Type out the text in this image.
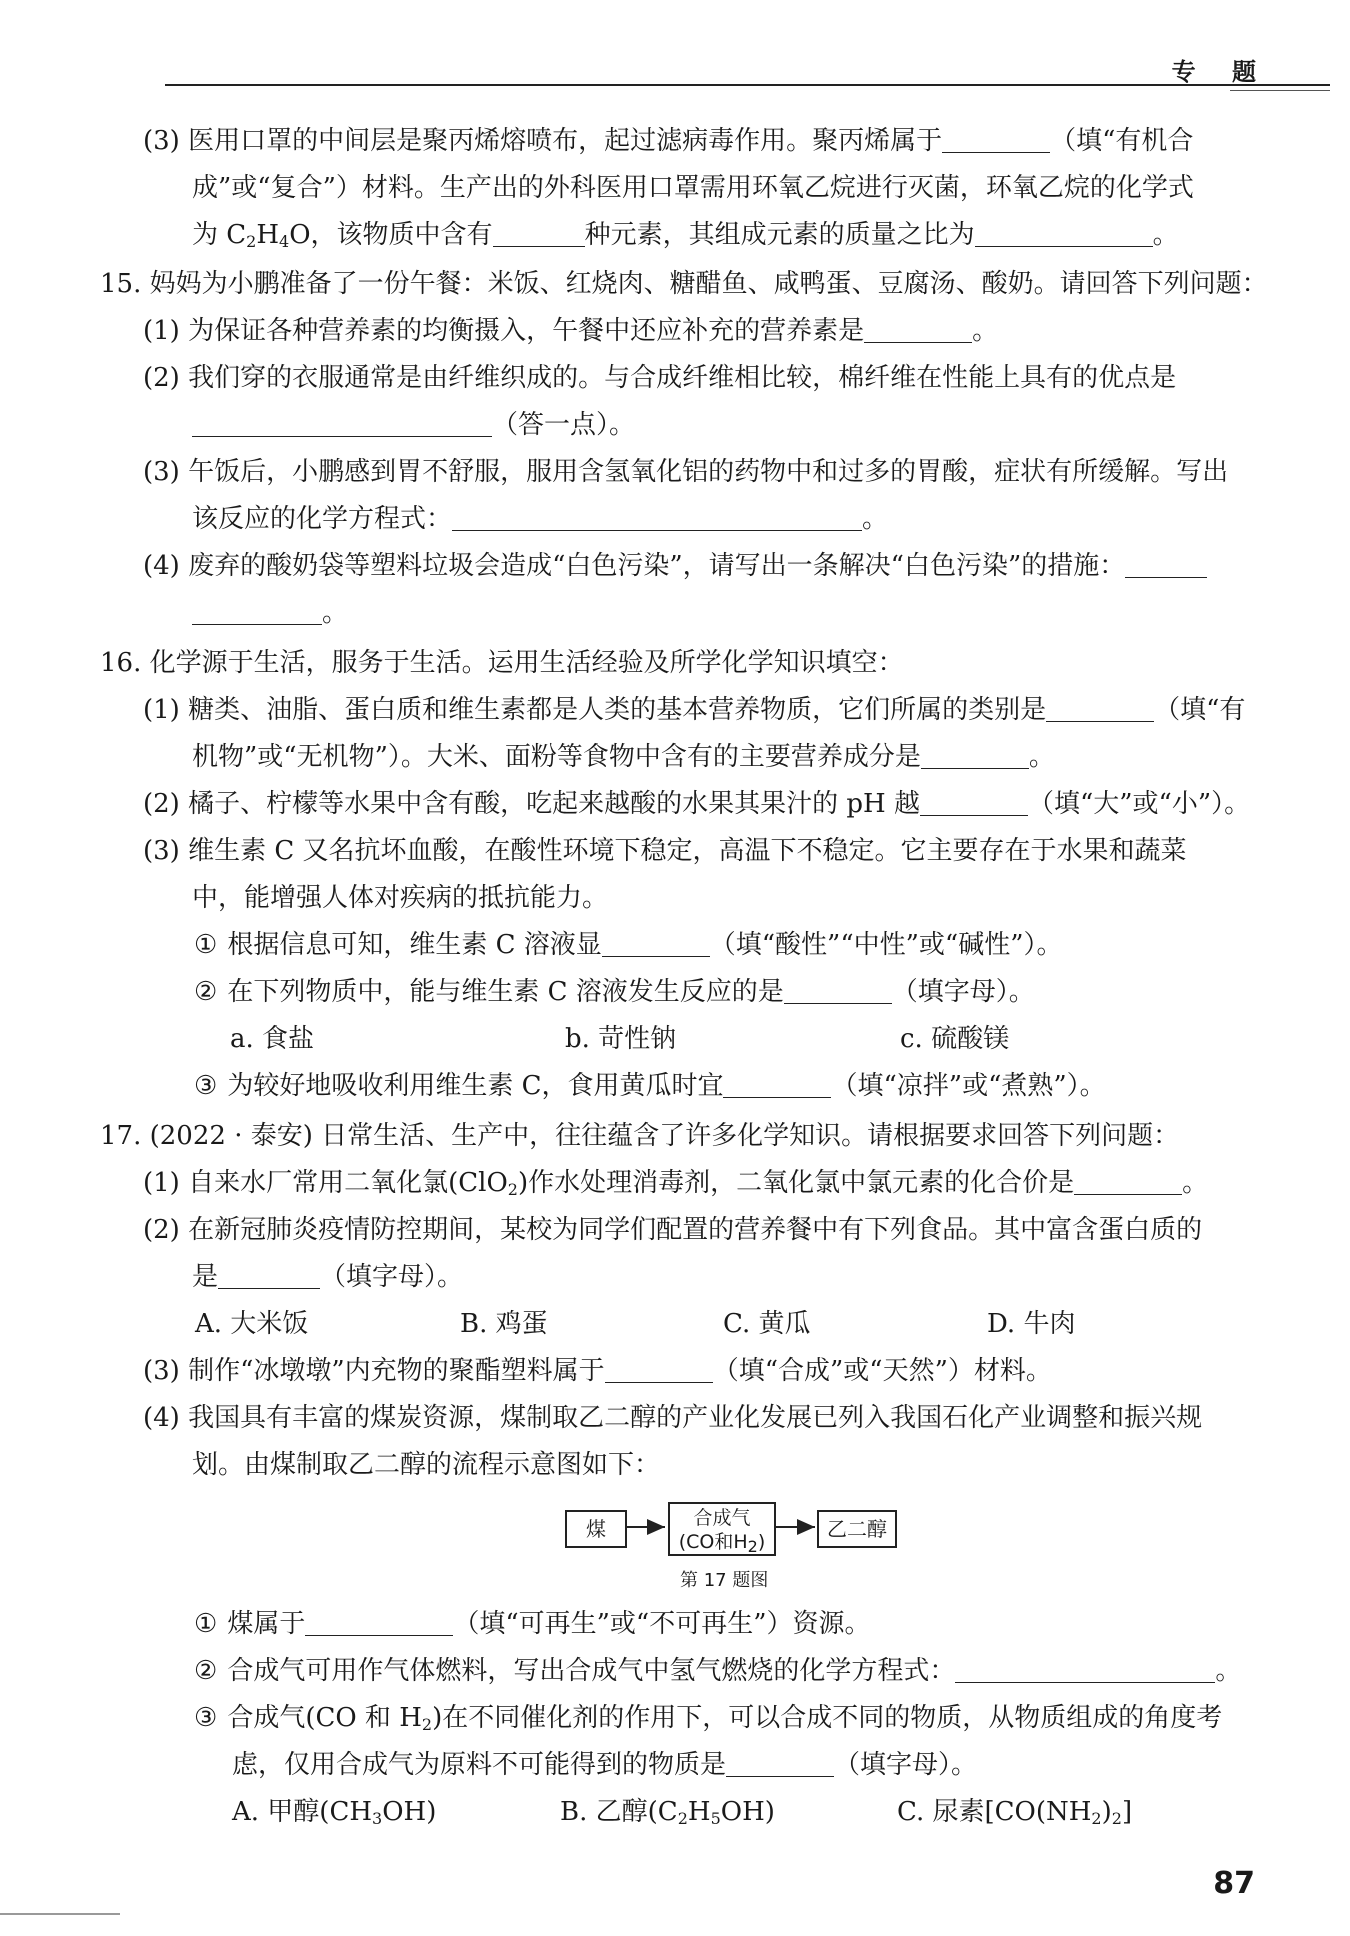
专 题
(3) 医用口罩的中间层是聚丙烯熔喷布，起过滤病毒作用。聚丙烯属于	（填“有机合
成”或“复合”）材料。生产出的外科医用口罩需用环氧乙烷进行灭菌，环氧乙烷的化学式
为 $C_2H_4O$，该物质中含有	种元素，其组成元素的质量之比为	。
15. 妈妈为小鹏准备了一份午餐：米饭、红烧肉、糖醋鱼、咸鸭蛋、豆腐汤、酸奶。请回答下列问题：
(1) 为保证各种营养素的均衡摄入，午餐中还应补充的营养素是	。
(2) 我们穿的衣服通常是由纤维织成的。与合成纤维相比较，棉纤维在性能上具有的优点是
（答一点）。
(3) 午饭后，小鹏感到胃不舒服，服用含氢氧化铝的药物中和过多的胃酸，症状有所缓解。写出
该反应的化学方程式：	。
(4) 废弃的酸奶袋等塑料垃圾会造成“白色污染”，请写出一条解决“白色污染”的措施：
。
16. 化学源于生活，服务于生活。运用生活经验及所学化学知识填空：
(1) 糖类、油脂、蛋白质和维生素都是人类的基本营养物质，它们所属的类别是	（填“有
机物”或“无机物”）。大米、面粉等食物中含有的主要营养成分是	。
(2) 橘子、柠檬等水果中含有酸，吃起来越酸的水果其果汁的 pH 越	（填“大”或“小”）。
(3) 维生素 C 又名抗坏血酸，在酸性环境下稳定，高温下不稳定。它主要存在于水果和蔬菜
中，能增强人体对疾病的抵抗能力。
① 根据信息可知，维生素 C 溶液显	（填“酸性”“中性”或“碱性”）。
② 在下列物质中，能与维生素 C 溶液发生反应的是	（填字母）。
a. 食盐	b. 苛性钠	c. 硫酸镁
③ 为较好地吸收利用维生素 C，食用黄瓜时宜	（填“凉拌”或“煮熟”）。
17. (2022 · 泰安) 日常生活、生产中，往往蕴含了许多化学知识。请根据要求回答下列问题：
(1) 自来水厂常用二氧化氯(ClO$_2$)作水处理消毒剂，二氧化氯中氯元素的化合价是	。
(2) 在新冠肺炎疫情防控期间，某校为同学们配置的营养餐中有下列食品。其中富含蛋白质的
是	（填字母）。
A. 大米饭	B. 鸡蛋	C. 黄瓜	D. 牛肉
(3) 制作“冰墩墩”内充物的聚酯塑料属于	（填“合成”或“天然”）材料。
(4) 我国具有丰富的煤炭资源，煤制取乙二醇的产业化发展已列入我国石化产业调整和振兴规
划。由煤制取乙二醇的流程示意图如下：
煤	合成气
(CO和$H_2$)
乙二醇
第 17 题图
① 煤属于	（填“可再生”或“不可再生”）资源。
② 合成气可用作气体燃料，写出合成气中氢气燃烧的化学方程式：	。
③ 合成气(CO 和 $H_2$)在不同催化剂的作用下，可以合成不同的物质，从物质组成的角度考
虑，仅用合成气为原料不可能得到的物质是	（填字母）。
A. 甲醇$(CH_3OH)$	B. 乙醇$(C_2H_5OH)$	C. 尿素$[CO(NH_2)_2]$
87
